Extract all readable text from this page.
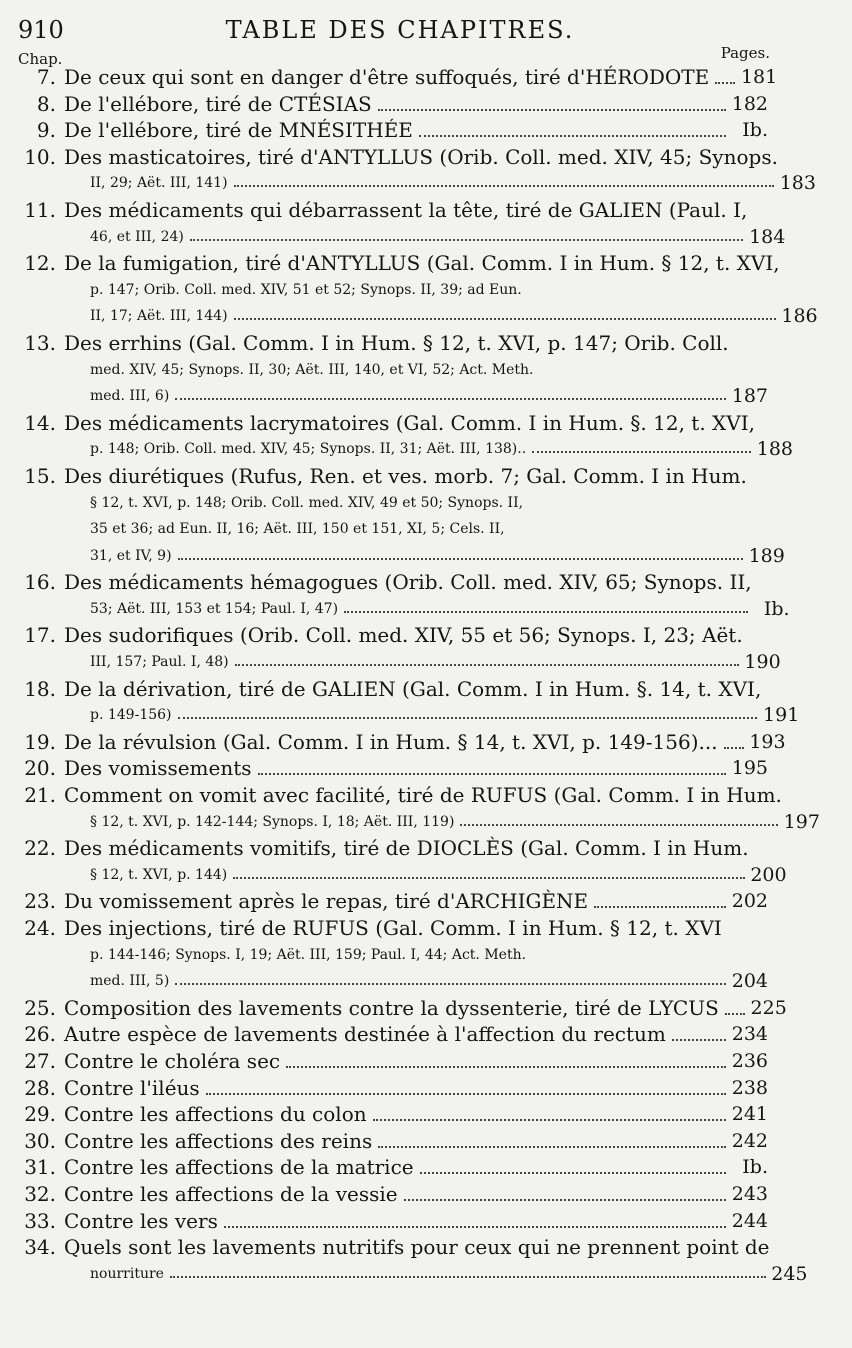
910	TABLE DES CHAPITRES.
Chap.	Pages.
7. De ceux qui sont en danger d'être suffoqués, tiré d'HÉRODOTE 181
8. De l'ellébore, tiré de CTÉSIAS	182
9. De l'ellébore, tiré de MNÉSITHÉE	Ib.
10. Des masticatoires, tiré d'ANTYLLUS (Orib. Coll. med. XIV, 45; Synops.
II, 29; Aët. III, 141)	183
11. Des médicaments qui débarrassent la tête, tiré de GALIEN (Paul. I,
46, et III, 24)	184
12. De la fumigation, tiré d'ANTYLLUS (Gal. Comm. I in Hum. § 12, t. XVI,
p. 147; Orib. Coll. med. XIV, 51 et 52; Synops. II, 39; ad Eun.
II, 17; Aët. III, 144)	186
13. Des errhins (Gal. Comm. I in Hum. § 12, t. XVI, p. 147; Orib. Coll.
med. XIV, 45; Synops. II, 30; Aët. III, 140, et VI, 52; Act. Meth.
med. III, 6)	187
14. Des médicaments lacrymatoires (Gal. Comm. I in Hum. §. 12, t. XVI,
p. 148; Orib. Coll. med. XIV, 45; Synops. II, 31; Aët. III, 138)..	188
15. Des diurétiques (Rufus, Ren. et ves. morb. 7; Gal. Comm. I in Hum.
§ 12, t. XVI, p. 148; Orib. Coll. med. XIV, 49 et 50; Synops. II,
35 et 36; ad Eun. II, 16; Aët. III, 150 et 151, XI, 5; Cels. II,
31, et IV, 9)	189
16. Des médicaments hémagogues (Orib. Coll. med. XIV, 65; Synops. II,
53; Aët. III, 153 et 154; Paul. I, 47)	Ib.
17. Des sudorifiques (Orib. Coll. med. XIV, 55 et 56; Synops. I, 23; Aët.
III, 157; Paul. I, 48)	190
18. De la dérivation, tiré de GALIEN (Gal. Comm. I in Hum. §. 14, t. XVI,
p. 149-156)	191
19. De la révulsion (Gal. Comm. I in Hum. § 14, t. XVI, p. 149-156)... 193
20. Des vomissements	195
21. Comment on vomit avec facilité, tiré de RUFUS (Gal. Comm. I in Hum.
§ 12, t. XVI, p. 142-144; Synops. I, 18; Aët. III, 119)	197
22. Des médicaments vomitifs, tiré de DIOCLÈS (Gal. Comm. I in Hum.
§ 12, t. XVI, p. 144)	200
23. Du vomissement après le repas, tiré d'ARCHIGÈNE	202
24. Des injections, tiré de RUFUS (Gal. Comm. I in Hum. § 12, t. XVI
p. 144-146; Synops. I, 19; Aët. III, 159; Paul. I, 44; Act. Meth.
med. III, 5)	204
25. Composition des lavements contre la dyssenterie, tiré de LYCUS 225
26. Autre espèce de lavements destinée à l'affection du rectum	234
27. Contre le choléra sec	236
28. Contre l'iléus	238
29. Contre les affections du colon	241
30. Contre les affections des reins	242
31. Contre les affections de la matrice	Ib.
32. Contre les affections de la vessie	243
33. Contre les vers	244
34. Quels sont les lavements nutritifs pour ceux qui ne prennent point de
nourriture	245
